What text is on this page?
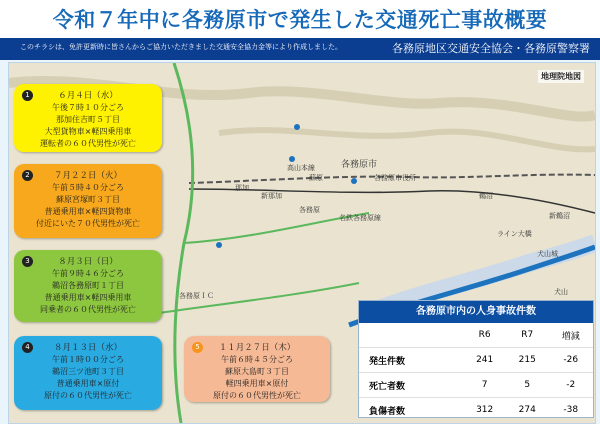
令和７年中に各務原市で発生した交通死亡事故概要
このチラシは、免許更新時に皆さんからご協力いただきました交通安全協力金等により作成しました。	各務原地区交通安全協会・各務原警察署
各務原市
各務原市役所
新那加
那加
蘇原
高山本線
名鉄各務原線
各務原
鵜沼
新鵜沼
犬山
犬山城
各務原ＩＣ
ライン大橋
地理院地図
1	６月４日（水）
午後７時１０分ごろ
那加住吉町５丁目
大型貨物車×軽四乗用車
運転者の６０代男性が死亡
2	７月２２日（火）
午前５時４０分ごろ
蘇原宮塚町３丁目
普通乗用車×軽四貨物車
付近にいた７０代男性が死亡
3	８月３日（日）
午前９時４６分ごろ
鵜沼各務原町１丁目
普通乗用車×軽四乗用車
同乗者の６０代男性が死亡
4	８月１３日（水）
午前１時００分ごろ
鵜沼三ツ池町３丁目
普通乗用車×原付
原付の６０代男性が死亡
5	１１月２７日（木）
午前６時４５分ごろ
蘇原大島町３丁目
軽四乗用車×原付
原付の６０代男性が死亡
各務原市内の人身事故件数
	R6	R7	増減
発生件数	241	215	-26
死亡者数	7	5	-2
負傷者数	312	274	-38
